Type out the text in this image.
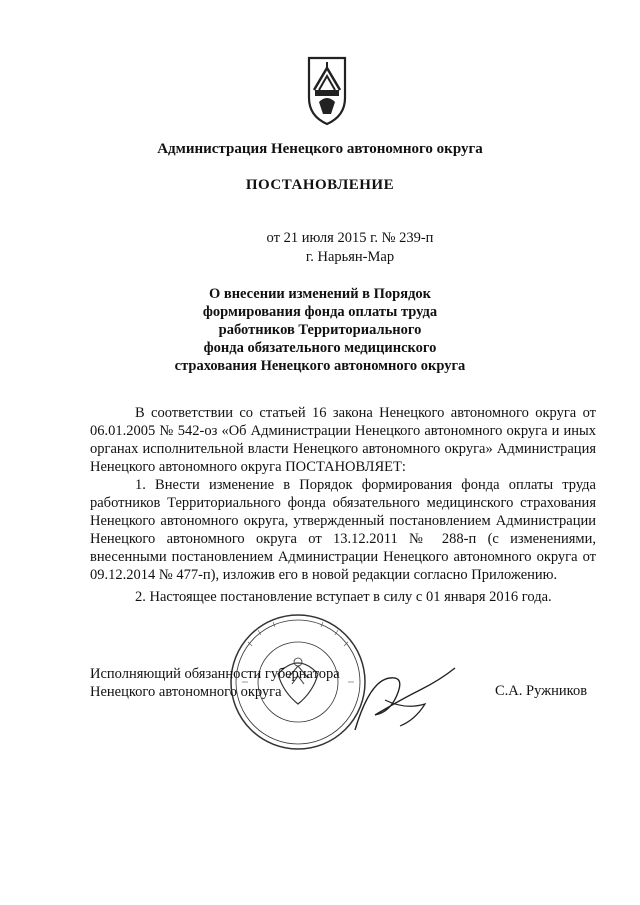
Администрация Ненецкого автономного округа
ПОСТАНОВЛЕНИЕ
от 21 июля 2015 г. № 239-п
г. Нарьян-Мар
О внесении изменений в Порядок
формирования фонда оплаты труда
работников Территориального
фонда обязательного медицинского
страхования Ненецкого автономного округа

В соответствии со статьей 16 закона Ненецкого автономного округа от 06.01.2005 № 542-оз «Об Администрации Ненецкого автономного округа и иных органах исполнительной власти Ненецкого автономного округа» Администрация Ненецкого автономного округа ПОСТАНОВЛЯЕТ:

1. Внести изменение в Порядок формирования фонда оплаты труда работников Территориального фонда обязательного медицинского страхования Ненецкого автономного округа, утвержденный постановлением Администрации Ненецкого автономного округа от 13.12.2011 № 288-п (с изменениями, внесенными постановлением Администрации Ненецкого автономного округа от 09.12.2014 № 477-п), изложив его в новой редакции согласно Приложению.

2. Настоящее постановление вступает в силу с 01 января 2016 года.

Исполняющий обязанности губернатора
Ненецкого автономного округа	С.А. Ружников
